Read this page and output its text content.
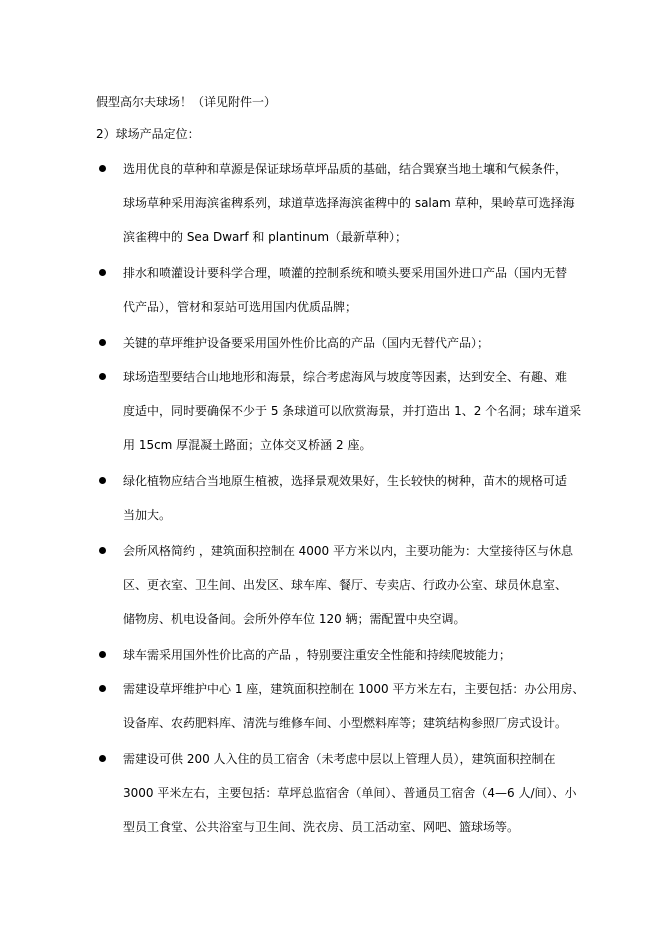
假型高尔夫球场！（详见附件一）
2）球场产品定位：
选用优良的草种和草源是保证球场草坪品质的基础，结合巽寮当地土壤和气候条件，
球场草种采用海滨雀稗系列，球道草选择海滨雀稗中的 salam 草种，果岭草可选择海
滨雀稗中的 Sea Dwarf 和 plantinum（最新草种）；
排水和喷灌设计要科学合理，喷灌的控制系统和喷头要采用国外进口产品（国内无替
代产品），管材和泵站可选用国内优质品牌；
关键的草坪维护设备要采用国外性价比高的产品（国内无替代产品）；
球场造型要结合山地地形和海景，综合考虑海风与坡度等因素，达到安全、有趣、难
度适中，同时要确保不少于 5 条球道可以欣赏海景，并打造出 1、2 个名洞；球车道采
用 15cm 厚混凝土路面；立体交叉桥涵 2 座。
绿化植物应结合当地原生植被，选择景观效果好，生长较快的树种，苗木的规格可适
当加大。
会所风格简约 ，建筑面积控制在 4000 平方米以内，主要功能为：大堂接待区与休息
区、更衣室、卫生间、出发区、球车库、餐厅、专卖店、行政办公室、球员休息室、
储物房、机电设备间。会所外停车位 120 辆；需配置中央空调。
球车需采用国外性价比高的产品 ，特别要注重安全性能和持续爬坡能力；
需建设草坪维护中心 1 座，建筑面积控制在 1000 平方米左右，主要包括：办公用房、
设备库、农药肥料库、清洗与维修车间、小型燃料库等；建筑结构参照厂房式设计。
需建设可供 200 人入住的员工宿舍（未考虑中层以上管理人员），建筑面积控制在
3000 平米左右，主要包括：草坪总监宿舍（单间）、普通员工宿舍（4—6 人/间）、小
型员工食堂、公共浴室与卫生间、洗衣房、员工活动室、网吧、篮球场等。
